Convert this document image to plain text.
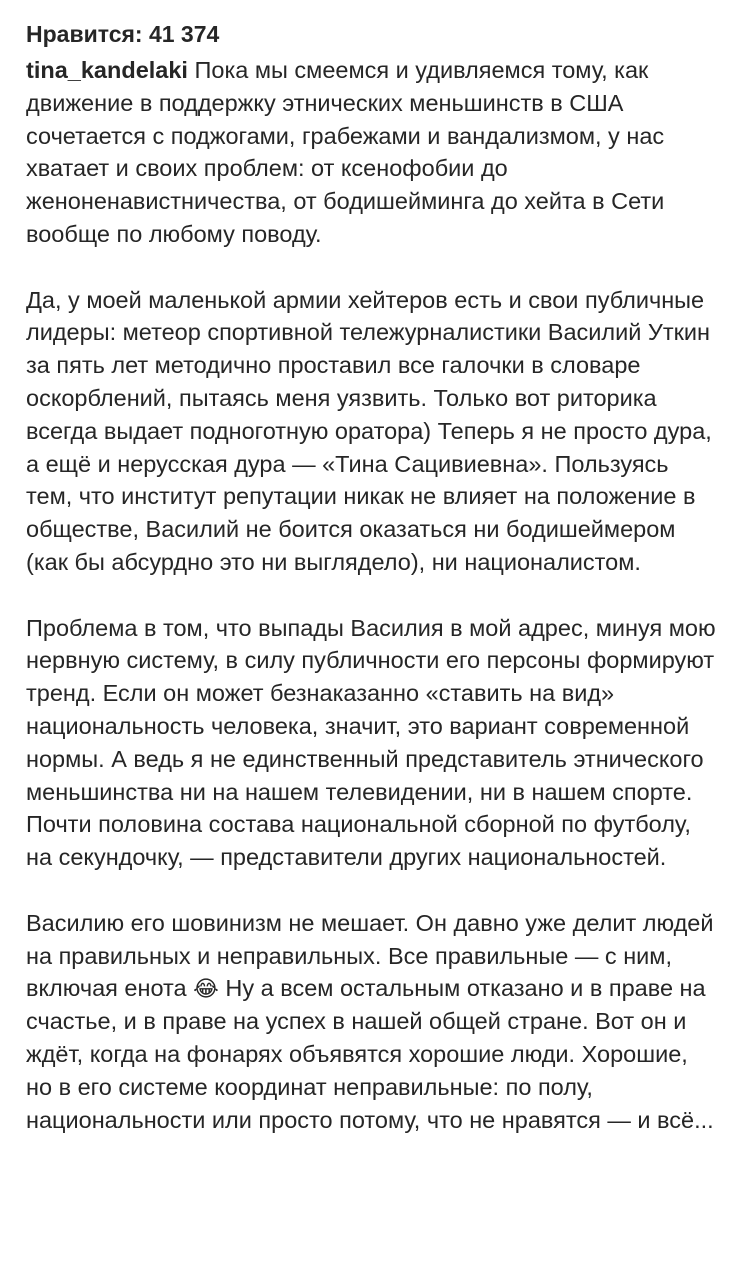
Нравится: 41 374

tina_kandelaki Пока мы смеемся и удивляемся тому, как движение в поддержку этнических меньшинств в США сочетается с поджогами, грабежами и вандализмом, у нас хватает и своих проблем: от ксенофобии до женоненавистничества, от бодишейминга до хейта в Сети вообще по любому поводу.

Да, у моей маленькой армии хейтеров есть и свои публичные лидеры: метеор спортивной тележурналистики Василий Уткин за пять лет методично проставил все галочки в словаре оскорблений, пытаясь меня уязвить. Только вот риторика всегда выдает подноготную оратора) Теперь я не просто дура, а ещё и нерусская дура — «Тина Сацивиевна». Пользуясь тем, что институт репутации никак не влияет на положение в обществе, Василий не боится оказаться ни бодишеймером (как бы абсурдно это ни выглядело), ни националистом.

Проблема в том, что выпады Василия в мой адрес, минуя мою нервную систему, в силу публичности его персоны формируют тренд. Если он может безнаказанно «ставить на вид» национальность человека, значит, это вариант современной нормы. А ведь я не единственный представитель этнического меньшинства ни на нашем телевидении, ни в нашем спорте. Почти половина состава национальной сборной по футболу, на секундочку, — представители других национальностей.

Василию его шовинизм не мешает. Он давно уже делит людей на правильных и неправильных. Все правильные — с ним, включая енота 😂 Ну а всем остальным отказано и в праве на счастье, и в праве на успех в нашей общей стране. Вот он и ждёт, когда на фонарях объявятся хорошие люди. Хорошие, но в его системе координат неправильные: по полу, национальности или просто потому, что не нравятся — и всё...
